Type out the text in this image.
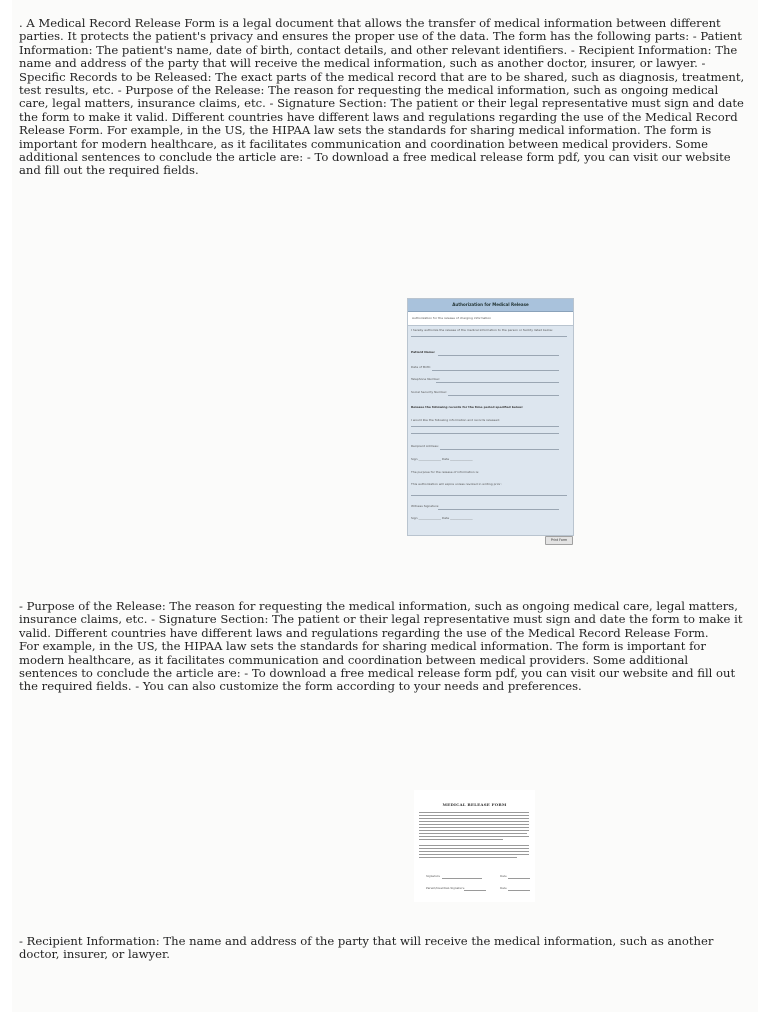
. A Medical Record Release Form is a legal document that allows the transfer of medical information between different parties. It protects the patient's privacy and ensures the proper use of the data. The form has the following parts: - Patient Information: The patient's name, date of birth, contact details, and other relevant identifiers. - Recipient Information: The name and address of the party that will receive the medical information, such as another doctor, insurer, or lawyer. - Specific Records to be Released: The exact parts of the medical record that are to be shared, such as diagnosis, treatment, test results, etc. - Purpose of the Release: The reason for requesting the medical information, such as ongoing medical care, legal matters, insurance claims, etc. - Signature Section: The patient or their legal representative must sign and date the form to make it valid. Different countries have different laws and regulations regarding the use of the Medical Record Release Form. For example, in the US, the HIPAA law sets the standards for sharing medical information. The form is important for modern healthcare, as it facilitates communication and coordination between medical providers. Some additional sentences to conclude the article are: - To download a free medical release form pdf, you can visit our website and fill out the required fields.

Authorization for Medical Release
Authorization for the release of charging information
I hereby authorize the release of the medical information to the person or facility listed below:
Patient Name:
Date of Birth:
Telephone Number:
Social Security Number:
Release the following records for the time period specified below:
I would like the following information and records released:
Recipient Address:
Sign _______________ Date _______________
The purpose for the release of information is:
This authorization will expire unless revoked in writing prior:
Witness Signature:
Sign _______________ Date _______________
Print Form
- Purpose of the Release: The reason for requesting the medical information, such as ongoing medical care, legal matters, insurance claims, etc. - Signature Section: The patient or their legal representative must sign and date the form to make it valid. Different countries have different laws and regulations regarding the use of the Medical Record Release Form.
For example, in the US, the HIPAA law sets the standards for sharing medical information. The form is important for modern healthcare, as it facilitates communication and coordination between medical providers. Some additional sentences to conclude the article are: - To download a free medical release form pdf, you can visit our website and fill out the required fields. - You can also customize the form according to your needs and preferences.
MEDICAL RELEASE FORM
Signature	Date
Parent/Guardian Signature	Date

- Recipient Information: The name and address of the party that will receive the medical information, such as another doctor, insurer, or lawyer.
